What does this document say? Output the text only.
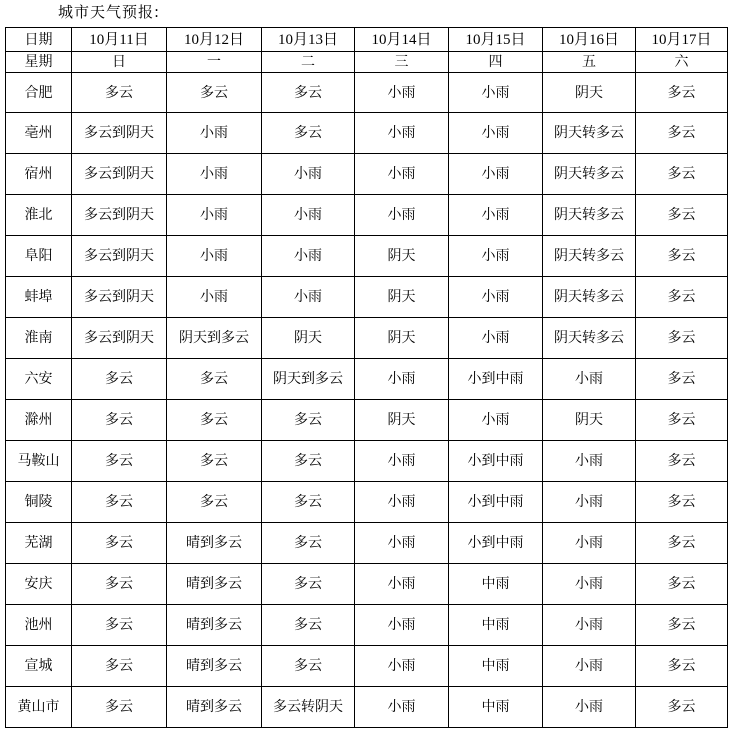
城市天气预报:
日期	10月11日	10月12日	10月13日	10月14日	10月15日	10月16日	10月17日
星期	日	一	二	三	四	五	六
合肥	多云	多云	多云	小雨	小雨	阴天	多云
亳州	多云到阴天	小雨	多云	小雨	小雨	阴天转多云	多云
宿州	多云到阴天	小雨	小雨	小雨	小雨	阴天转多云	多云
淮北	多云到阴天	小雨	小雨	小雨	小雨	阴天转多云	多云
阜阳	多云到阴天	小雨	小雨	阴天	小雨	阴天转多云	多云
蚌埠	多云到阴天	小雨	小雨	阴天	小雨	阴天转多云	多云
淮南	多云到阴天	阴天到多云	阴天	阴天	小雨	阴天转多云	多云
六安	多云	多云	阴天到多云	小雨	小到中雨	小雨	多云
滁州	多云	多云	多云	阴天	小雨	阴天	多云
马鞍山	多云	多云	多云	小雨	小到中雨	小雨	多云
铜陵	多云	多云	多云	小雨	小到中雨	小雨	多云
芜湖	多云	晴到多云	多云	小雨	小到中雨	小雨	多云
安庆	多云	晴到多云	多云	小雨	中雨	小雨	多云
池州	多云	晴到多云	多云	小雨	中雨	小雨	多云
宣城	多云	晴到多云	多云	小雨	中雨	小雨	多云
黄山市	多云	晴到多云	多云转阴天	小雨	中雨	小雨	多云
